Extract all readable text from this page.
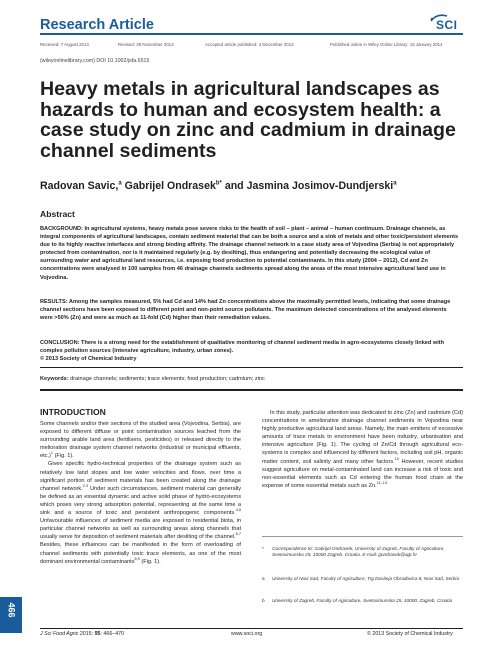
Research Article	SCI
Received: 7 August 2013	Revised: 29 November 2013	Accepted article published: 4 December 2013	Published online in Wiley Online Library: 15 January 2014
(wileyonlinelibrary.com) DOI 10.1002/jsfa.6515
Heavy metals in agricultural landscapes as hazards to human and ecosystem health: a case study on zinc and cadmium in drainage channel sediments
Radovan Savic,$^a$ Gabrijel Ondrasek$^{b*}$ and Jasmina Josimov-Dundjerski$^a$
Abstract

BACKGROUND: In agricultural systems, heavy metals pose severe risks to the health of soil – plant – animal – human continuum. Drainage channels, as integral components of agricultural landscapes, contain sediment material that can be both a source and a sink of metals and other toxic/persistent elements due to its highly reactive interfaces and strong binding affinity. The drainage channel network in a case study area of Vojvodina (Serbia) is not appropriately protected from contamination, nor is it maintained regularly (e.g. by desilting), thus endangering and potentially decreasing the ecological value of surrounding water and agricultural land resources, i.e. exposing food production to potential contaminants. In this study (2004 – 2012), Cd and Zn concentrations were analysed in 100 samples from 46 drainage channels sediments spread along the areas of the most intensive agricultural land use in Vojvodina.

RESULTS: Among the samples measured, 5% had Cd and 14% had Zn concentrations above the maximally permitted levels, indicating that some drainage channel sections have been exposed to different point and non-point source pollutants. The maximum detected concentrations of the analysed elements were >50% (Zn) and were as much as 11-fold (Cd) higher than their remediation values.

CONCLUSION: There is a strong need for the establishment of qualitative monitoring of channel sediment media in agro-ecosystems closely linked with complex pollution sources (intensive agriculture, industry, urban zones).
© 2013 Society of Chemical Industry

Keywords: drainage channels; sediments; trace elements; food production; cadmium; zinc
INTRODUCTION
Some channels and/or their sections of the studied area (Vojvodina, Serbia), are exposed to different diffuse or point contamination sources leached from the surrounding arable land area (fertilisers, pesticides) or released directly to the melioration drainage system channel networks (industrial or municipal effluents, etc.)$^1$ (Fig. 1).
Given specific hydro-technical properties of the drainage system such as relatively low land slopes and low water velocities and flows, over time a significant portion of sediment materials has been created along the drainage channel network.$^{2,3}$ Under such circumstances, sediment material can generally be defined as an essential dynamic and active solid phase of hydro-ecosystems which poses very strong adsorption potential, representing at the same time a sink and a source of toxic and persistent anthropogenic components.$^{4,5}$ Unfavourable influences of sediment media are exposed to residential biota, in particular channel networks as well as surrounding areas along channels that usually serve for deposition of sediment materials after desilting of the channel.$^{6,7}$ Besides, these influences can be manifested in the form of overloading of channel sediments with potentially toxic trace elements, as one of the most dominant environmental contaminants$^{8,9}$ (Fig. 1).
In this study, particular attention was dedicated to zinc (Zn) and cadmium (Cd) concentrations in ameliorative drainage channel sediments in Vojvodina near highly productive agricultural land areas. Namely, the main emitters of excessive amounts of trace metals to environment have been industry, urbanisation and intensive agriculture (Fig. 1). The cycling of Zn/Cd through agricultural eco-systems is complex and influenced by different factors, including soil pH, organic matter content, soil salinity and many other factors.$^{10}$ However, recent studies suggest agriculture on metal-contaminated land can increase a risk of toxic and non-essential elements such as Cd entering the human food chain at the expense of some essential metals such as Zn.$^{11-13}$
* Correspondence to: Gabrijel Ondrasek, University of Zagreb, Faculty of Agriculture, Svetosimunska 25, 10000 Zagreb, Croatia. E-mail: gondrasek@agr.hr
a University of Novi Sad, Faculty of Agriculture, Trg Dositeja Obradovica 8, Novi Sad, Serbia
b University of Zagreb, Faculty of Agriculture, Svetosimunska 25, 10000, Zagreb, Croatia
466
J Sci Food Agric 2015; 95: 466–470	www.soci.org	© 2013 Society of Chemical Industry
